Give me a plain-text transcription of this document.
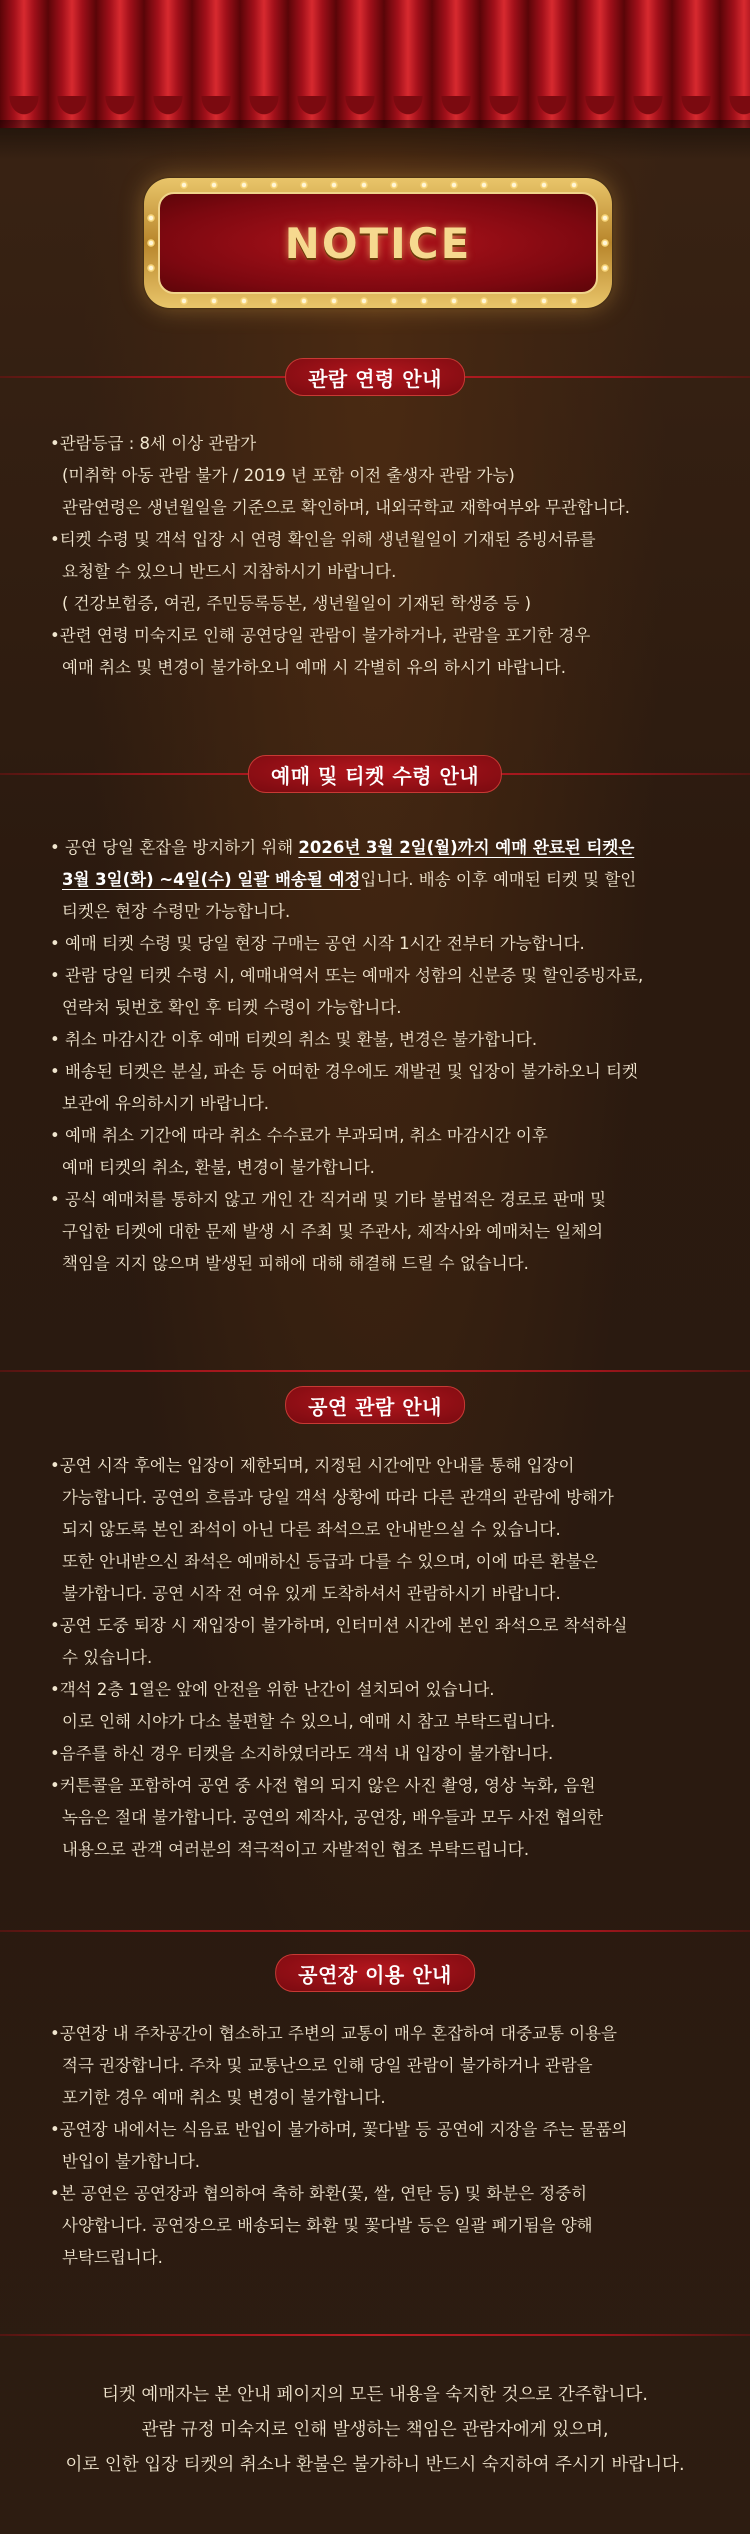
NOTICE
관람 연령 안내
•관람등급 : 8세 이상 관람가
(미취학 아동 관람 불가 / 2019 년 포함 이전 출생자 관람 가능)
관람연령은 생년월일을 기준으로 확인하며, 내외국학교 재학여부와 무관합니다.
•티켓 수령 및 객석 입장 시 연령 확인을 위해 생년월일이 기재된 증빙서류를
요청할 수 있으니 반드시 지참하시기 바랍니다.
( 건강보험증, 여권, 주민등록등본, 생년월일이 기재된 학생증 등 )
•관련 연령 미숙지로 인해 공연당일 관람이 불가하거나, 관람을 포기한 경우
예매 취소 및 변경이 불가하오니 예매 시 각별히 유의 하시기 바랍니다.
예매 및 티켓 수령 안내
• 공연 당일 혼잡을 방지하기 위해 2026년 3월 2일(월)까지 예매 완료된 티켓은
3월 3일(화) ~4일(수) 일괄 배송될 예정입니다. 배송 이후 예매된 티켓 및 할인
티켓은 현장 수령만 가능합니다.
• 예매 티켓 수령 및 당일 현장 구매는 공연 시작 1시간 전부터 가능합니다.
• 관람 당일 티켓 수령 시, 예매내역서 또는 예매자 성함의 신분증 및 할인증빙자료,
연락처 뒷번호 확인 후 티켓 수령이 가능합니다.
• 취소 마감시간 이후 예매 티켓의 취소 및 환불, 변경은 불가합니다.
• 배송된 티켓은 분실, 파손 등 어떠한 경우에도 재발권 및 입장이 불가하오니 티켓
보관에 유의하시기 바랍니다.
• 예매 취소 기간에 따라 취소 수수료가 부과되며, 취소 마감시간 이후
예매 티켓의 취소, 환불, 변경이 불가합니다.
• 공식 예매처를 통하지 않고 개인 간 직거래 및 기타 불법적은 경로로 판매 및
구입한 티켓에 대한 문제 발생 시 주최 및 주관사, 제작사와 예매처는 일체의
책임을 지지 않으며 발생된 피해에 대해 해결해 드릴 수 없습니다.
공연 관람 안내
•공연 시작 후에는 입장이 제한되며, 지정된 시간에만 안내를 통해 입장이
가능합니다. 공연의 흐름과 당일 객석 상황에 따라 다른 관객의 관람에 방해가
되지 않도록 본인 좌석이 아닌 다른 좌석으로 안내받으실 수 있습니다.
또한 안내받으신 좌석은 예매하신 등급과 다를 수 있으며, 이에 따른 환불은
불가합니다. 공연 시작 전 여유 있게 도착하셔서 관람하시기 바랍니다.
•공연 도중 퇴장 시 재입장이 불가하며, 인터미션 시간에 본인 좌석으로 착석하실
수 있습니다.
•객석 2층 1열은 앞에 안전을 위한 난간이 설치되어 있습니다.
이로 인해 시야가 다소 불편할 수 있으니, 예매 시 참고 부탁드립니다.
•음주를 하신 경우 티켓을 소지하였더라도 객석 내 입장이 불가합니다.
•커튼콜을 포함하여 공연 중 사전 협의 되지 않은 사진 촬영, 영상 녹화, 음원
녹음은 절대 불가합니다. 공연의 제작사, 공연장, 배우들과 모두 사전 협의한
내용으로 관객 여러분의 적극적이고 자발적인 협조 부탁드립니다.
공연장 이용 안내
•공연장 내 주차공간이 협소하고 주변의 교통이 매우 혼잡하여 대중교통 이용을
적극 권장합니다. 주차 및 교통난으로 인해 당일 관람이 불가하거나 관람을
포기한 경우 예매 취소 및 변경이 불가합니다.
•공연장 내에서는 식음료 반입이 불가하며, 꽃다발 등 공연에 지장을 주는 물품의
반입이 불가합니다.
•본 공연은 공연장과 협의하여 축하 화환(꽃, 쌀, 연탄 등) 및 화분은 정중히
사양합니다. 공연장으로 배송되는 화환 및 꽃다발 등은 일괄 폐기됨을 양해
부탁드립니다.
티켓 예매자는 본 안내 페이지의 모든 내용을 숙지한 것으로 간주합니다.
관람 규정 미숙지로 인해 발생하는 책임은 관람자에게 있으며,
이로 인한 입장 티켓의 취소나 환불은 불가하니 반드시 숙지하여 주시기 바랍니다.
